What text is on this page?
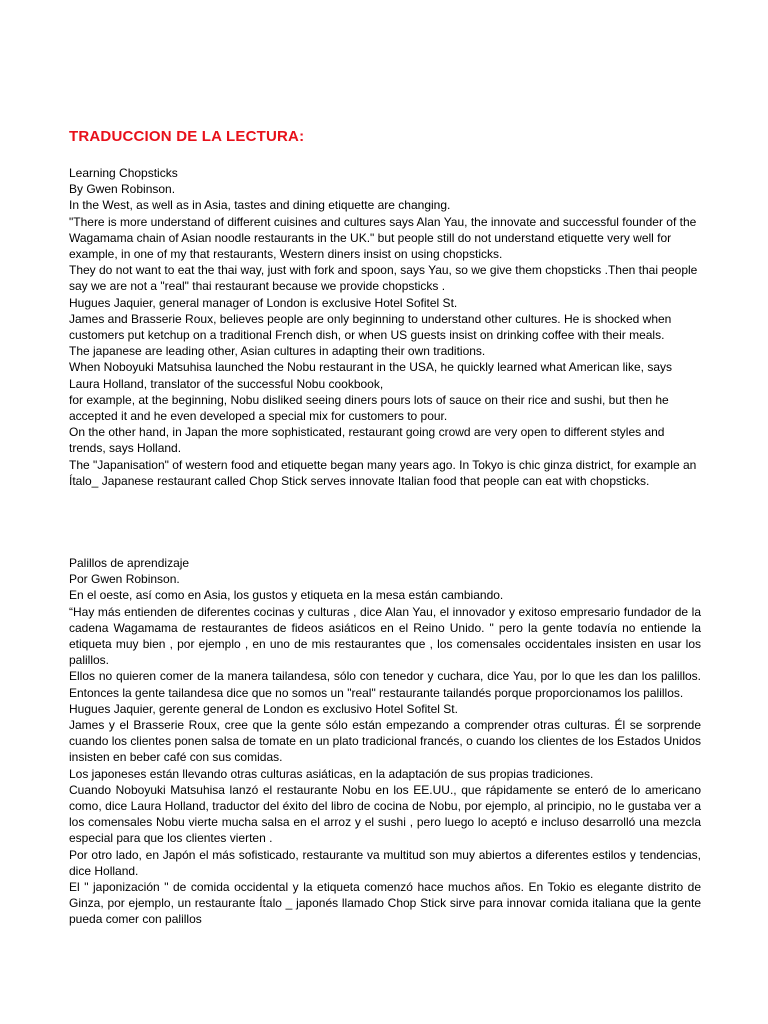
TRADUCCION DE LA LECTURA:

Learning Chopsticks

By Gwen Robinson.

In the West, as well as in Asia, tastes and dining etiquette are changing.

"There is more understand of different cuisines and cultures says Alan Yau, the innovate and successful founder of the Wagamama chain of Asian noodle restaurants in the UK." but people still do not understand etiquette very well for example, in one of my that restaurants, Western diners insist on using chopsticks.

They do not want to eat the thai way, just with fork and spoon, says Yau, so we give them chopsticks .Then thai people say we are not a "real" thai restaurant because we provide chopsticks .

Hugues Jaquier, general manager of London is exclusive Hotel Sofitel St.

James and Brasserie Roux, believes people are only beginning to understand other cultures. He is shocked when customers put ketchup on a traditional French dish, or when US guests insist on drinking coffee with their meals.

The japanese are leading other, Asian cultures in adapting their own traditions.

When Noboyuki Matsuhisa launched the Nobu restaurant in the USA, he quickly learned what American like, says Laura Holland, translator of the successful Nobu cookbook,

for example, at the beginning, Nobu disliked seeing diners pours lots of sauce on their rice and sushi, but then he accepted it and he even developed a special mix for customers to pour.

On the other hand, in Japan the more sophisticated, restaurant going crowd are very open to different styles and trends, says Holland.

The "Japanisation" of western food and etiquette began many years ago. In Tokyo is chic ginza district, for example an Ítalo_ Japanese restaurant called Chop Stick serves innovate Italian food that people can eat with chopsticks.

Palillos de aprendizaje

Por Gwen Robinson.

En el oeste, así como en Asia, los gustos y etiqueta en la mesa están cambiando.

“Hay más entienden de diferentes cocinas y culturas , dice Alan Yau, el innovador y exitoso empresario fundador de la cadena Wagamama de restaurantes de fideos asiáticos en el Reino Unido. " pero la gente todavía no entiende la etiqueta muy bien , por ejemplo , en uno de mis restaurantes que , los comensales occidentales insisten en usar los palillos.

Ellos no quieren comer de la manera tailandesa, sólo con tenedor y cuchara, dice Yau, por lo que les dan los palillos. Entonces la gente tailandesa dice que no somos un "real" restaurante tailandés porque proporcionamos los palillos.

Hugues Jaquier, gerente general de London es exclusivo Hotel Sofitel St.

James y el Brasserie Roux, cree que la gente sólo están empezando a comprender otras culturas. Él se sorprende cuando los clientes ponen salsa de tomate en un plato tradicional francés, o cuando los clientes de los Estados Unidos insisten en beber café con sus comidas.

Los japoneses están llevando otras culturas asiáticas, en la adaptación de sus propias tradiciones.

Cuando Noboyuki Matsuhisa lanzó el restaurante Nobu en los EE.UU., que rápidamente se enteró de lo americano como, dice Laura Holland, traductor del éxito del libro de cocina de Nobu, por ejemplo, al principio, no le gustaba ver a los comensales Nobu vierte mucha salsa en el arroz y el sushi , pero luego lo aceptó e incluso desarrolló una mezcla especial para que los clientes vierten .

Por otro lado, en Japón el más sofisticado, restaurante va multitud son muy abiertos a diferentes estilos y tendencias, dice Holland.

El " japonización " de comida occidental y la etiqueta comenzó hace muchos años. En Tokio es elegante distrito de Ginza, por ejemplo, un restaurante Ítalo _ japonés llamado Chop Stick sirve para innovar comida italiana que la gente pueda comer con palillos
